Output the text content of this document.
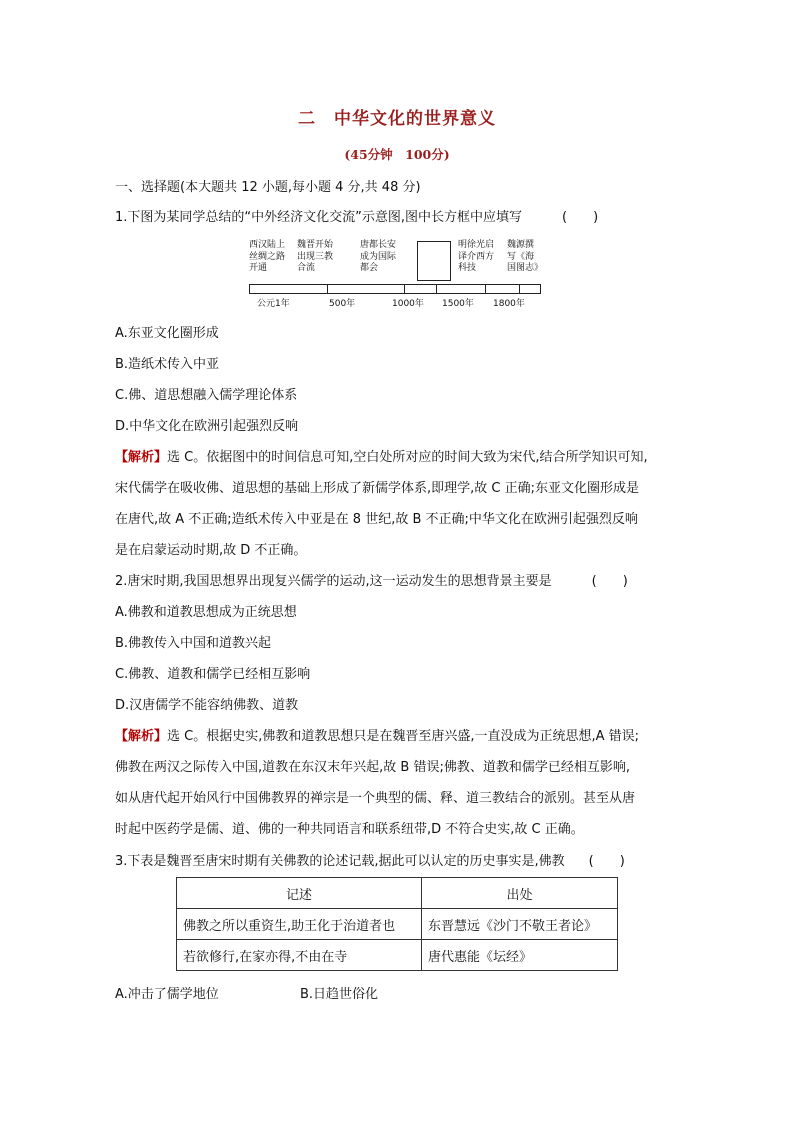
二　中华文化的世界意义
(45分钟　100分)
一、选择题(本大题共 12 小题,每小题 4 分,共 48 分)
1.下图为某同学总结的“中外经济文化交流”示意图,图中长方框中应填写	(　　)
西汉陆上
丝绸之路
开通
魏晋开始
出现三教
合流
唐都长安
成为国际
都会
明徐光启
译介西方
科技
魏源撰
写《海
国图志》
公元1年	500年	1000年 1500年 1800年
A.东亚文化圈形成
B.造纸术传入中亚
C.佛、道思想融入儒学理论体系
D.中华文化在欧洲引起强烈反响
【解析】选 C。依据图中的时间信息可知,空白处所对应的时间大致为宋代,结合所学知识可知,
宋代儒学在吸收佛、道思想的基础上形成了新儒学体系,即理学,故 C 正确;东亚文化圈形成是
在唐代,故 A 不正确;造纸术传入中亚是在 8 世纪,故 B 不正确;中华文化在欧洲引起强烈反响
是在启蒙运动时期,故 D 不正确。
2.唐宋时期,我国思想界出现复兴儒学的运动,这一运动发生的思想背景主要是	(　　)
A.佛教和道教思想成为正统思想
B.佛教传入中国和道教兴起
C.佛教、道教和儒学已经相互影响
D.汉唐儒学不能容纳佛教、道教
【解析】选 C。根据史实,佛教和道教思想只是在魏晋至唐兴盛,一直没成为正统思想,A 错误;
佛教在两汉之际传入中国,道教在东汉末年兴起,故 B 错误;佛教、道教和儒学已经相互影响,
如从唐代起开始风行中国佛教界的禅宗是一个典型的儒、释、道三教结合的派别。甚至从唐
时起中医药学是儒、道、佛的一种共同语言和联系纽带,D 不符合史实,故 C 正确。
3.下表是魏晋至唐宋时期有关佛教的论述记载,据此可以认定的历史事实是,佛教 (　　)
记述	出处
佛教之所以重资生,助王化于治道者也	东晋慧远《沙门不敬王者论》
若欲修行,在家亦得,不由在寺	唐代惠能《坛经》
A.冲击了儒学地位	B.日趋世俗化
